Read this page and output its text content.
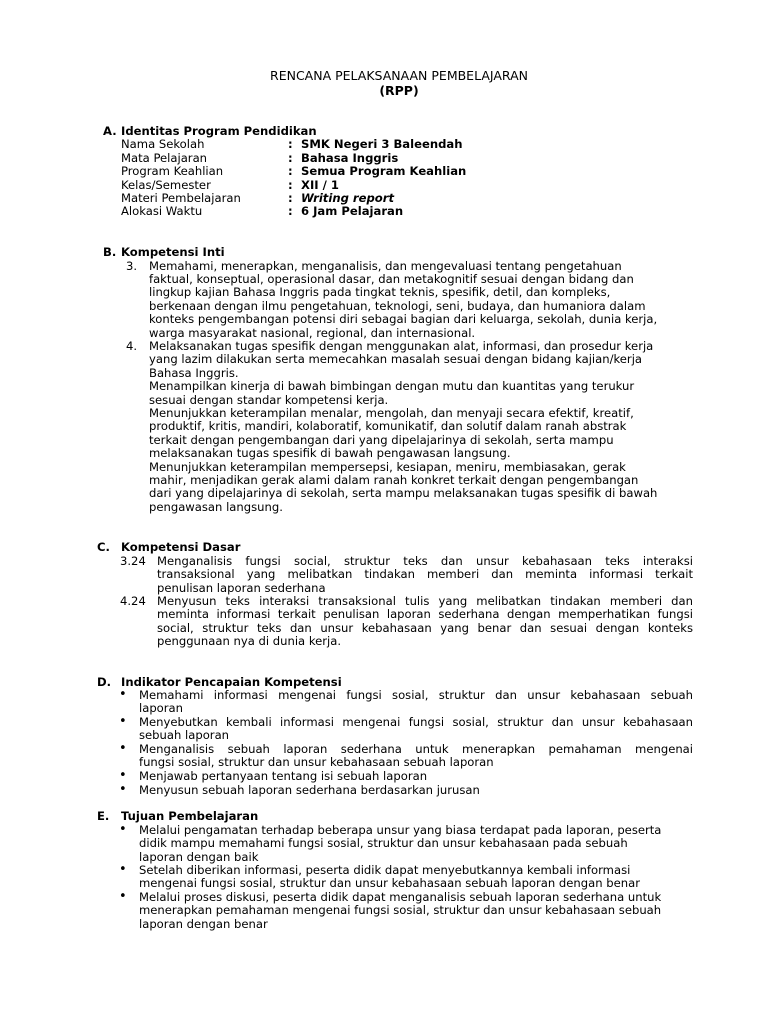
RENCANA PELAKSANAAN PEMBELAJARAN
(RPP)
A. Identitas Program Pendidikan
Nama Sekolah	: SMK Negeri 3 Baleendah
Mata Pelajaran	: Bahasa Inggris
Program Keahlian	: Semua Program Keahlian
Kelas/Semester	: XII / 1
Materi Pembelajaran	: Writing report
Alokasi Waktu	: 6 Jam Pelajaran
B. Kompetensi Inti
3. Memahami, menerapkan, menganalisis, dan mengevaluasi tentang pengetahuan

faktual, konseptual, operasional dasar, dan metakognitif sesuai dengan bidang dan

lingkup kajian Bahasa Inggris pada tingkat teknis, spesifik, detil, dan kompleks,

berkenaan dengan ilmu pengetahuan, teknologi, seni, budaya, dan humaniora dalam

konteks pengembangan potensi diri sebagai bagian dari keluarga, sekolah, dunia kerja,

warga masyarakat nasional, regional, dan internasional.

4. Melaksanakan tugas spesifik dengan menggunakan alat, informasi, dan prosedur kerja

yang lazim dilakukan serta memecahkan masalah sesuai dengan bidang kajian/kerja

Bahasa Inggris.

Menampilkan kinerja di bawah bimbingan dengan mutu dan kuantitas yang terukur

sesuai dengan standar kompetensi kerja.

Menunjukkan keterampilan menalar, mengolah, dan menyaji secara efektif, kreatif,

produktif, kritis, mandiri, kolaboratif, komunikatif, dan solutif dalam ranah abstrak

terkait dengan pengembangan dari yang dipelajarinya di sekolah, serta mampu

melaksanakan tugas spesifik di bawah pengawasan langsung.

Menunjukkan keterampilan mempersepsi, kesiapan, meniru, membiasakan, gerak

mahir, menjadikan gerak alami dalam ranah konkret terkait dengan pengembangan

dari yang dipelajarinya di sekolah, serta mampu melaksanakan tugas spesifik di bawah

pengawasan langsung.

C. Kompetensi Dasar
3.24 Menganalisis fungsi social, struktur teks dan unsur kebahasaan teks interaksi

transaksional yang melibatkan tindakan memberi dan meminta informasi terkait

penulisan laporan sederhana

4.24 Menyusun teks interaksi transaksional tulis yang melibatkan tindakan memberi dan

meminta informasi terkait penulisan laporan sederhana dengan memperhatikan fungsi

social, struktur teks dan unsur kebahasaan yang benar dan sesuai dengan konteks

penggunaan nya di dunia kerja.

D. Indikator Pencapaian Kompetensi
• Memahami informasi mengenai fungsi sosial, struktur dan unsur kebahasaan sebuah

laporan

• Menyebutkan kembali informasi mengenai fungsi sosial, struktur dan unsur kebahasaan

sebuah laporan

• Menganalisis sebuah laporan sederhana untuk menerapkan pemahaman mengenai

fungsi sosial, struktur dan unsur kebahasaan sebuah laporan

• Menjawab pertanyaan tentang isi sebuah laporan

• Menyusun sebuah laporan sederhana berdasarkan jurusan

E. Tujuan Pembelajaran
• Melalui pengamatan terhadap beberapa unsur yang biasa terdapat pada laporan, peserta

didik mampu memahami fungsi sosial, struktur dan unsur kebahasaan pada sebuah

laporan dengan baik

• Setelah diberikan informasi, peserta didik dapat menyebutkannya kembali informasi

mengenai fungsi sosial, struktur dan unsur kebahasaan sebuah laporan dengan benar

• Melalui proses diskusi, peserta didik dapat menganalisis sebuah laporan sederhana untuk

menerapkan pemahaman mengenai fungsi sosial, struktur dan unsur kebahasaan sebuah

laporan dengan benar
